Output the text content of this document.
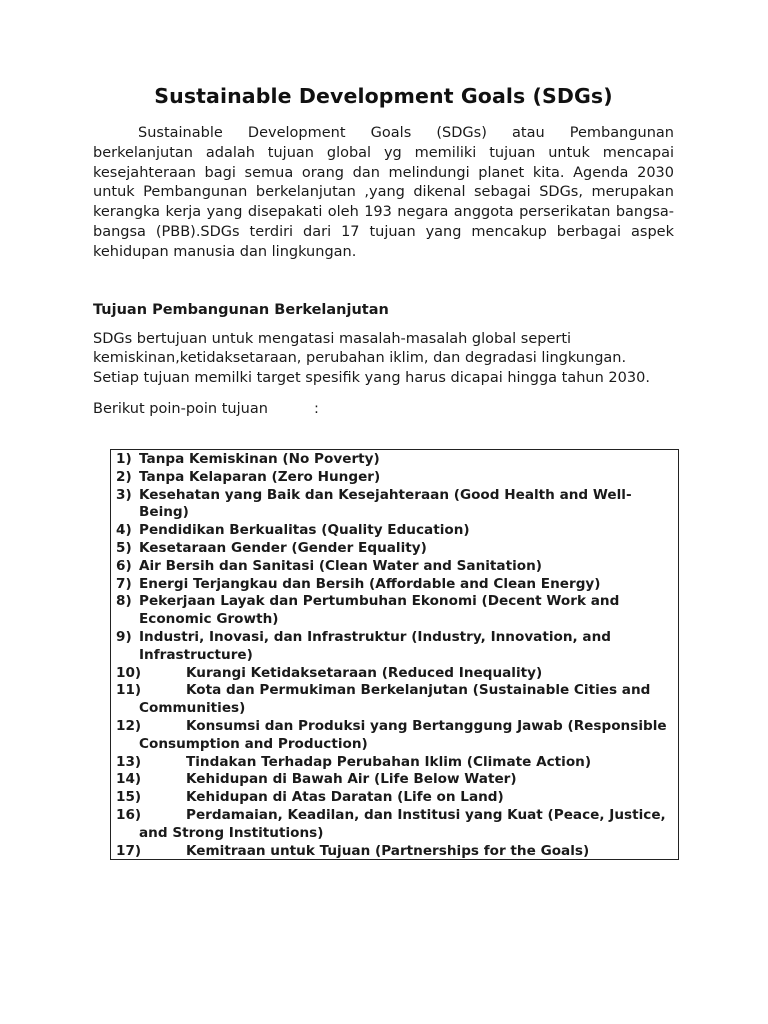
Sustainable Development Goals (SDGs)

Sustainable Development Goals (SDGs) atau Pembangunan berkelanjutan adalah tujuan global yg memiliki tujuan untuk mencapai kesejahteraan bagi semua orang dan melindungi planet kita. Agenda 2030 untuk Pembangunan berkelanjutan ,yang dikenal sebagai SDGs, merupakan kerangka kerja yang disepakati oleh 193 negara anggota perserikatan bangsa-bangsa (PBB).SDGs terdiri dari 17 tujuan yang mencakup berbagai aspek kehidupan manusia dan lingkungan.

Tujuan Pembangunan Berkelanjutan

SDGs bertujuan untuk mengatasi masalah-masalah global seperti kemiskinan,ketidaksetaraan, perubahan iklim, dan degradasi lingkungan. Setiap tujuan memilki target spesifik yang harus dicapai hingga tahun 2030.

Berikut poin-poin tujuan          :

1) Tanpa Kemiskinan (No Poverty)
2) Tanpa Kelaparan (Zero Hunger)
3) Kesehatan yang Baik dan Kesejahteraan (Good Health and Well-Being)
4) Pendidikan Berkualitas (Quality Education)
5) Kesetaraan Gender (Gender Equality)
6) Air Bersih dan Sanitasi (Clean Water and Sanitation)
7) Energi Terjangkau dan Bersih (Affordable and Clean Energy)
8) Pekerjaan Layak dan Pertumbuhan Ekonomi (Decent Work and Economic Growth)
9) Industri, Inovasi, dan Infrastruktur (Industry, Innovation, and Infrastructure)
10)	Kurangi Ketidaksetaraan (Reduced Inequality)
11)	Kota dan Permukiman Berkelanjutan (Sustainable Cities and Communities)
12)	Konsumsi dan Produksi yang Bertanggung Jawab (Responsible Consumption and Production)
13)	Tindakan Terhadap Perubahan Iklim (Climate Action)
14)	Kehidupan di Bawah Air (Life Below Water)
15)	Kehidupan di Atas Daratan (Life on Land)
16)	Perdamaian, Keadilan, dan Institusi yang Kuat (Peace, Justice, and Strong Institutions)
17)	Kemitraan untuk Tujuan (Partnerships for the Goals)
